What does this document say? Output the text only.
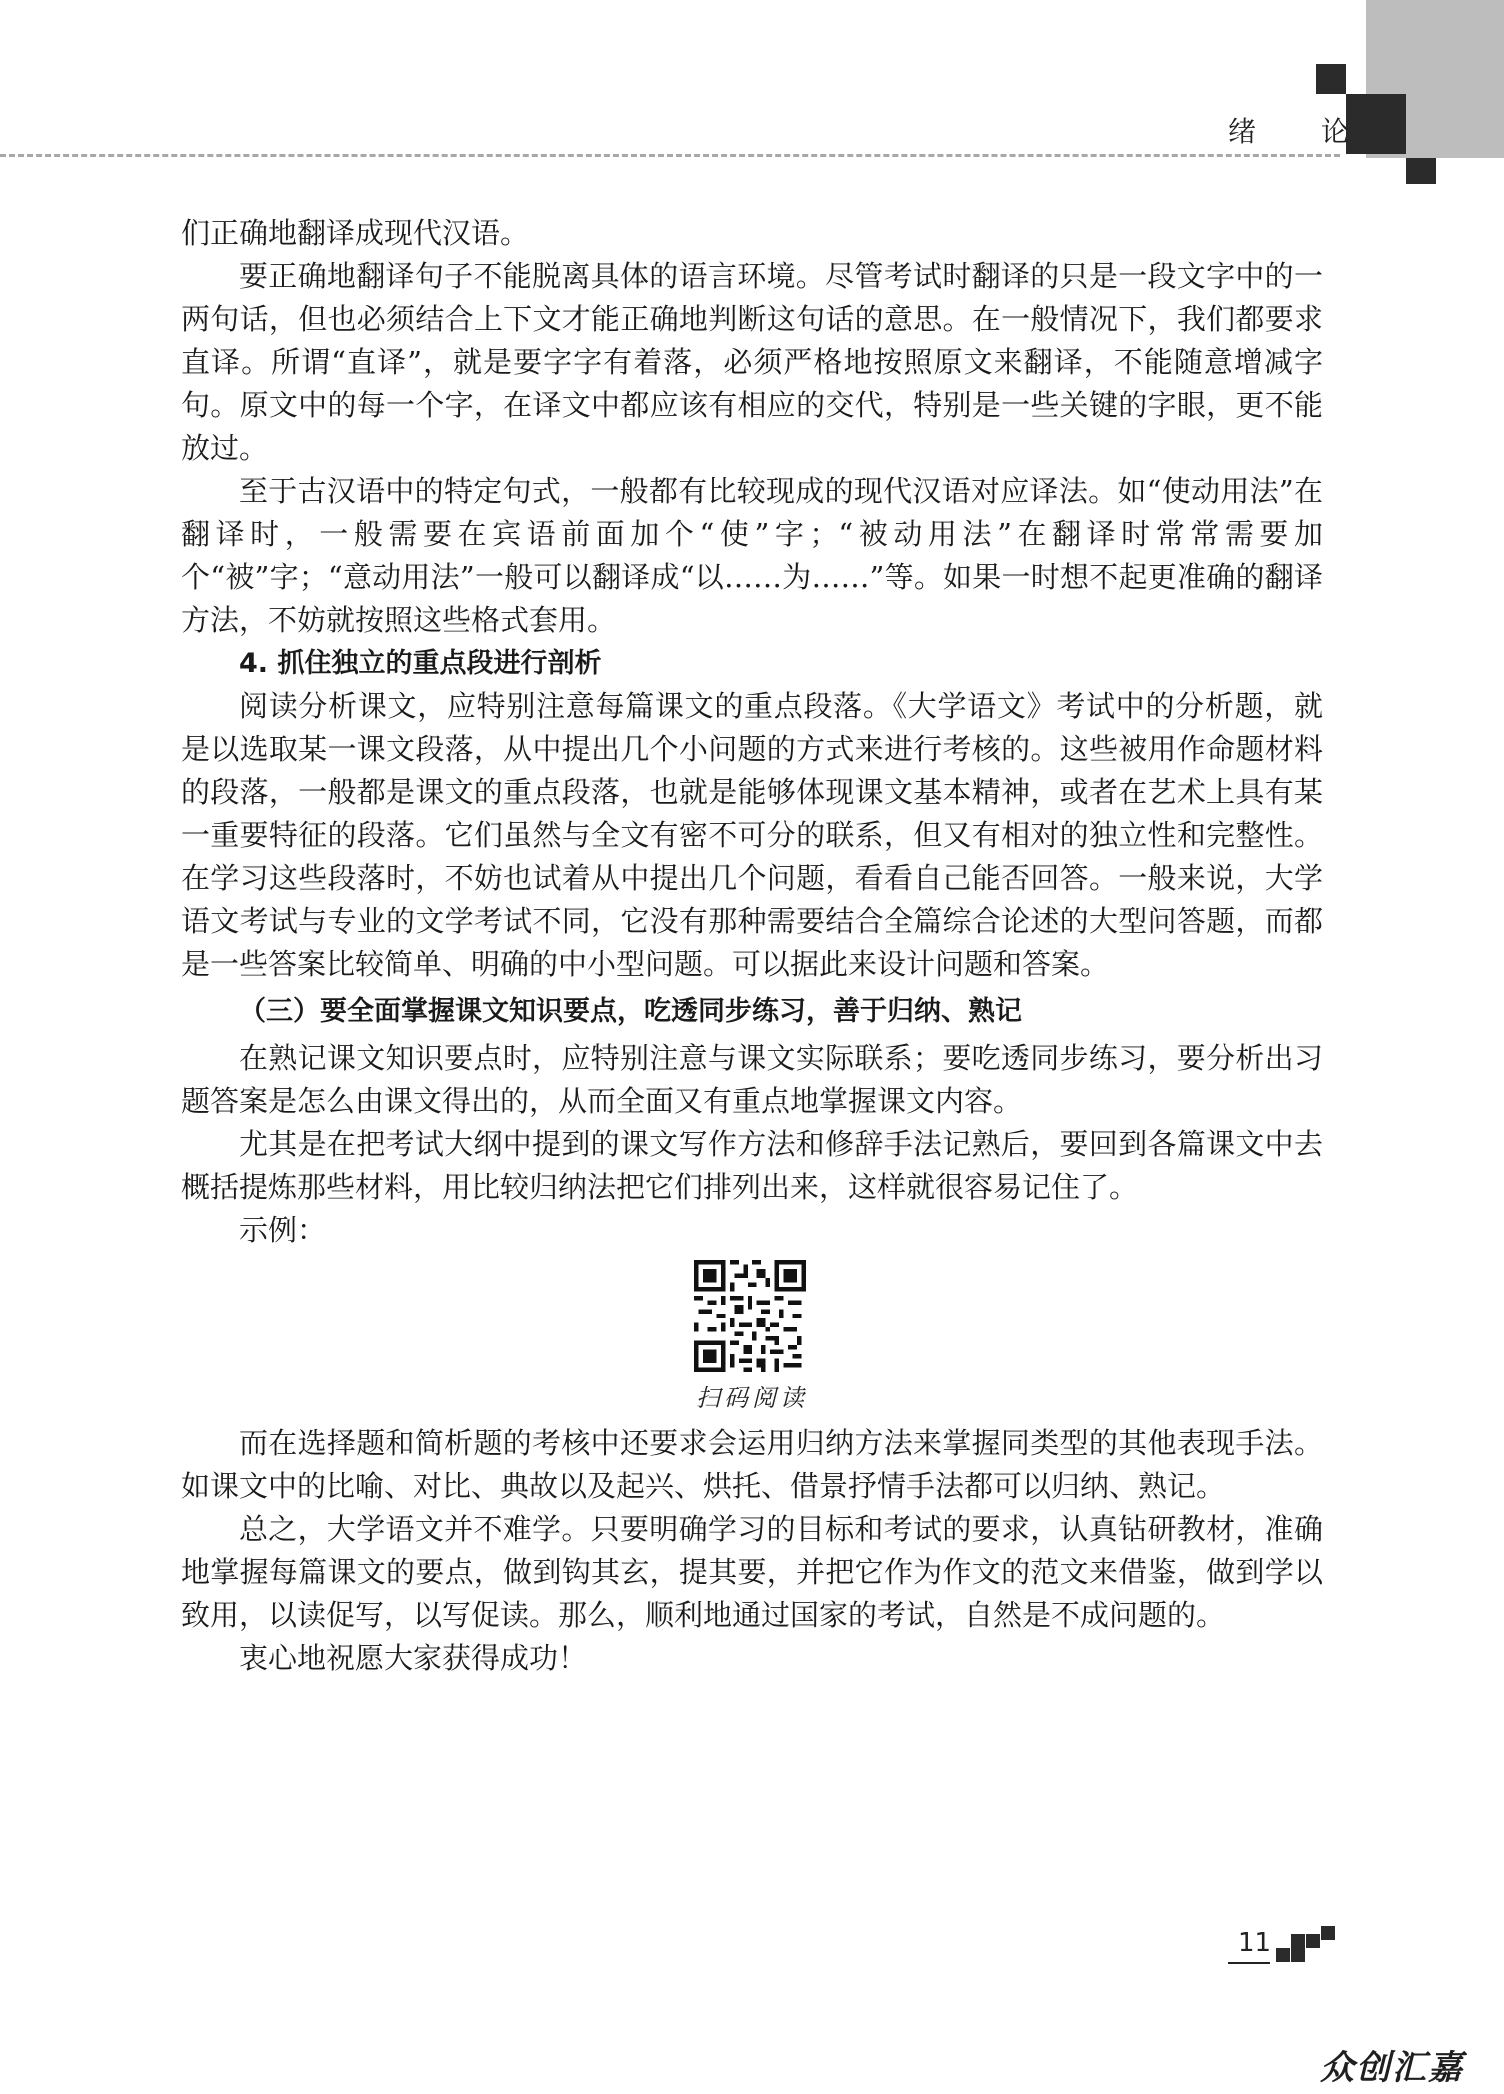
绪 论

们正确地翻译成现代汉语。

要正确地翻译句子不能脱离具体的语言环境。尽管考试时翻译的只是一段文字中的一两句话，但也必须结合上下文才能正确地判断这句话的意思。在一般情况下，我们都要求直译。所谓“直译”，就是要字字有着落，必须严格地按照原文来翻译，不能随意增减字句。原文中的每一个字，在译文中都应该有相应的交代，特别是一些关键的字眼，更不能放过。

至于古汉语中的特定句式，一般都有比较现成的现代汉语对应译法。如“使动用法”在翻译时，一般需要在宾语前面加个“使”字；“被动用法”在翻译时常常需要加个“被”字；“意动用法”一般可以翻译成“以……为……”等。如果一时想不起更准确的翻译方法，不妨就按照这些格式套用。

4. 抓住独立的重点段进行剖析

阅读分析课文，应特别注意每篇课文的重点段落。《大学语文》考试中的分析题，就是以选取某一课文段落，从中提出几个小问题的方式来进行考核的。这些被用作命题材料的段落，一般都是课文的重点段落，也就是能够体现课文基本精神，或者在艺术上具有某一重要特征的段落。它们虽然与全文有密不可分的联系，但又有相对的独立性和完整性。在学习这些段落时，不妨也试着从中提出几个问题，看看自己能否回答。一般来说，大学语文考试与专业的文学考试不同，它没有那种需要结合全篇综合论述的大型问答题，而都是一些答案比较简单、明确的中小型问题。可以据此来设计问题和答案。

（三）要全面掌握课文知识要点，吃透同步练习，善于归纳、熟记

在熟记课文知识要点时，应特别注意与课文实际联系；要吃透同步练习，要分析出习题答案是怎么由课文得出的，从而全面又有重点地掌握课文内容。

尤其是在把考试大纲中提到的课文写作方法和修辞手法记熟后，要回到各篇课文中去概括提炼那些材料，用比较归纳法把它们排列出来，这样就很容易记住了。

示例：

扫码阅读

而在选择题和简析题的考核中还要求会运用归纳方法来掌握同类型的其他表现手法。如课文中的比喻、对比、典故以及起兴、烘托、借景抒情手法都可以归纳、熟记。

总之，大学语文并不难学。只要明确学习的目标和考试的要求，认真钻研教材，准确地掌握每篇课文的要点，做到钩其玄，提其要，并把它作为作文的范文来借鉴，做到学以致用，以读促写，以写促读。那么，顺利地通过国家的考试，自然是不成问题的。

衷心地祝愿大家获得成功！

11
众创汇嘉
